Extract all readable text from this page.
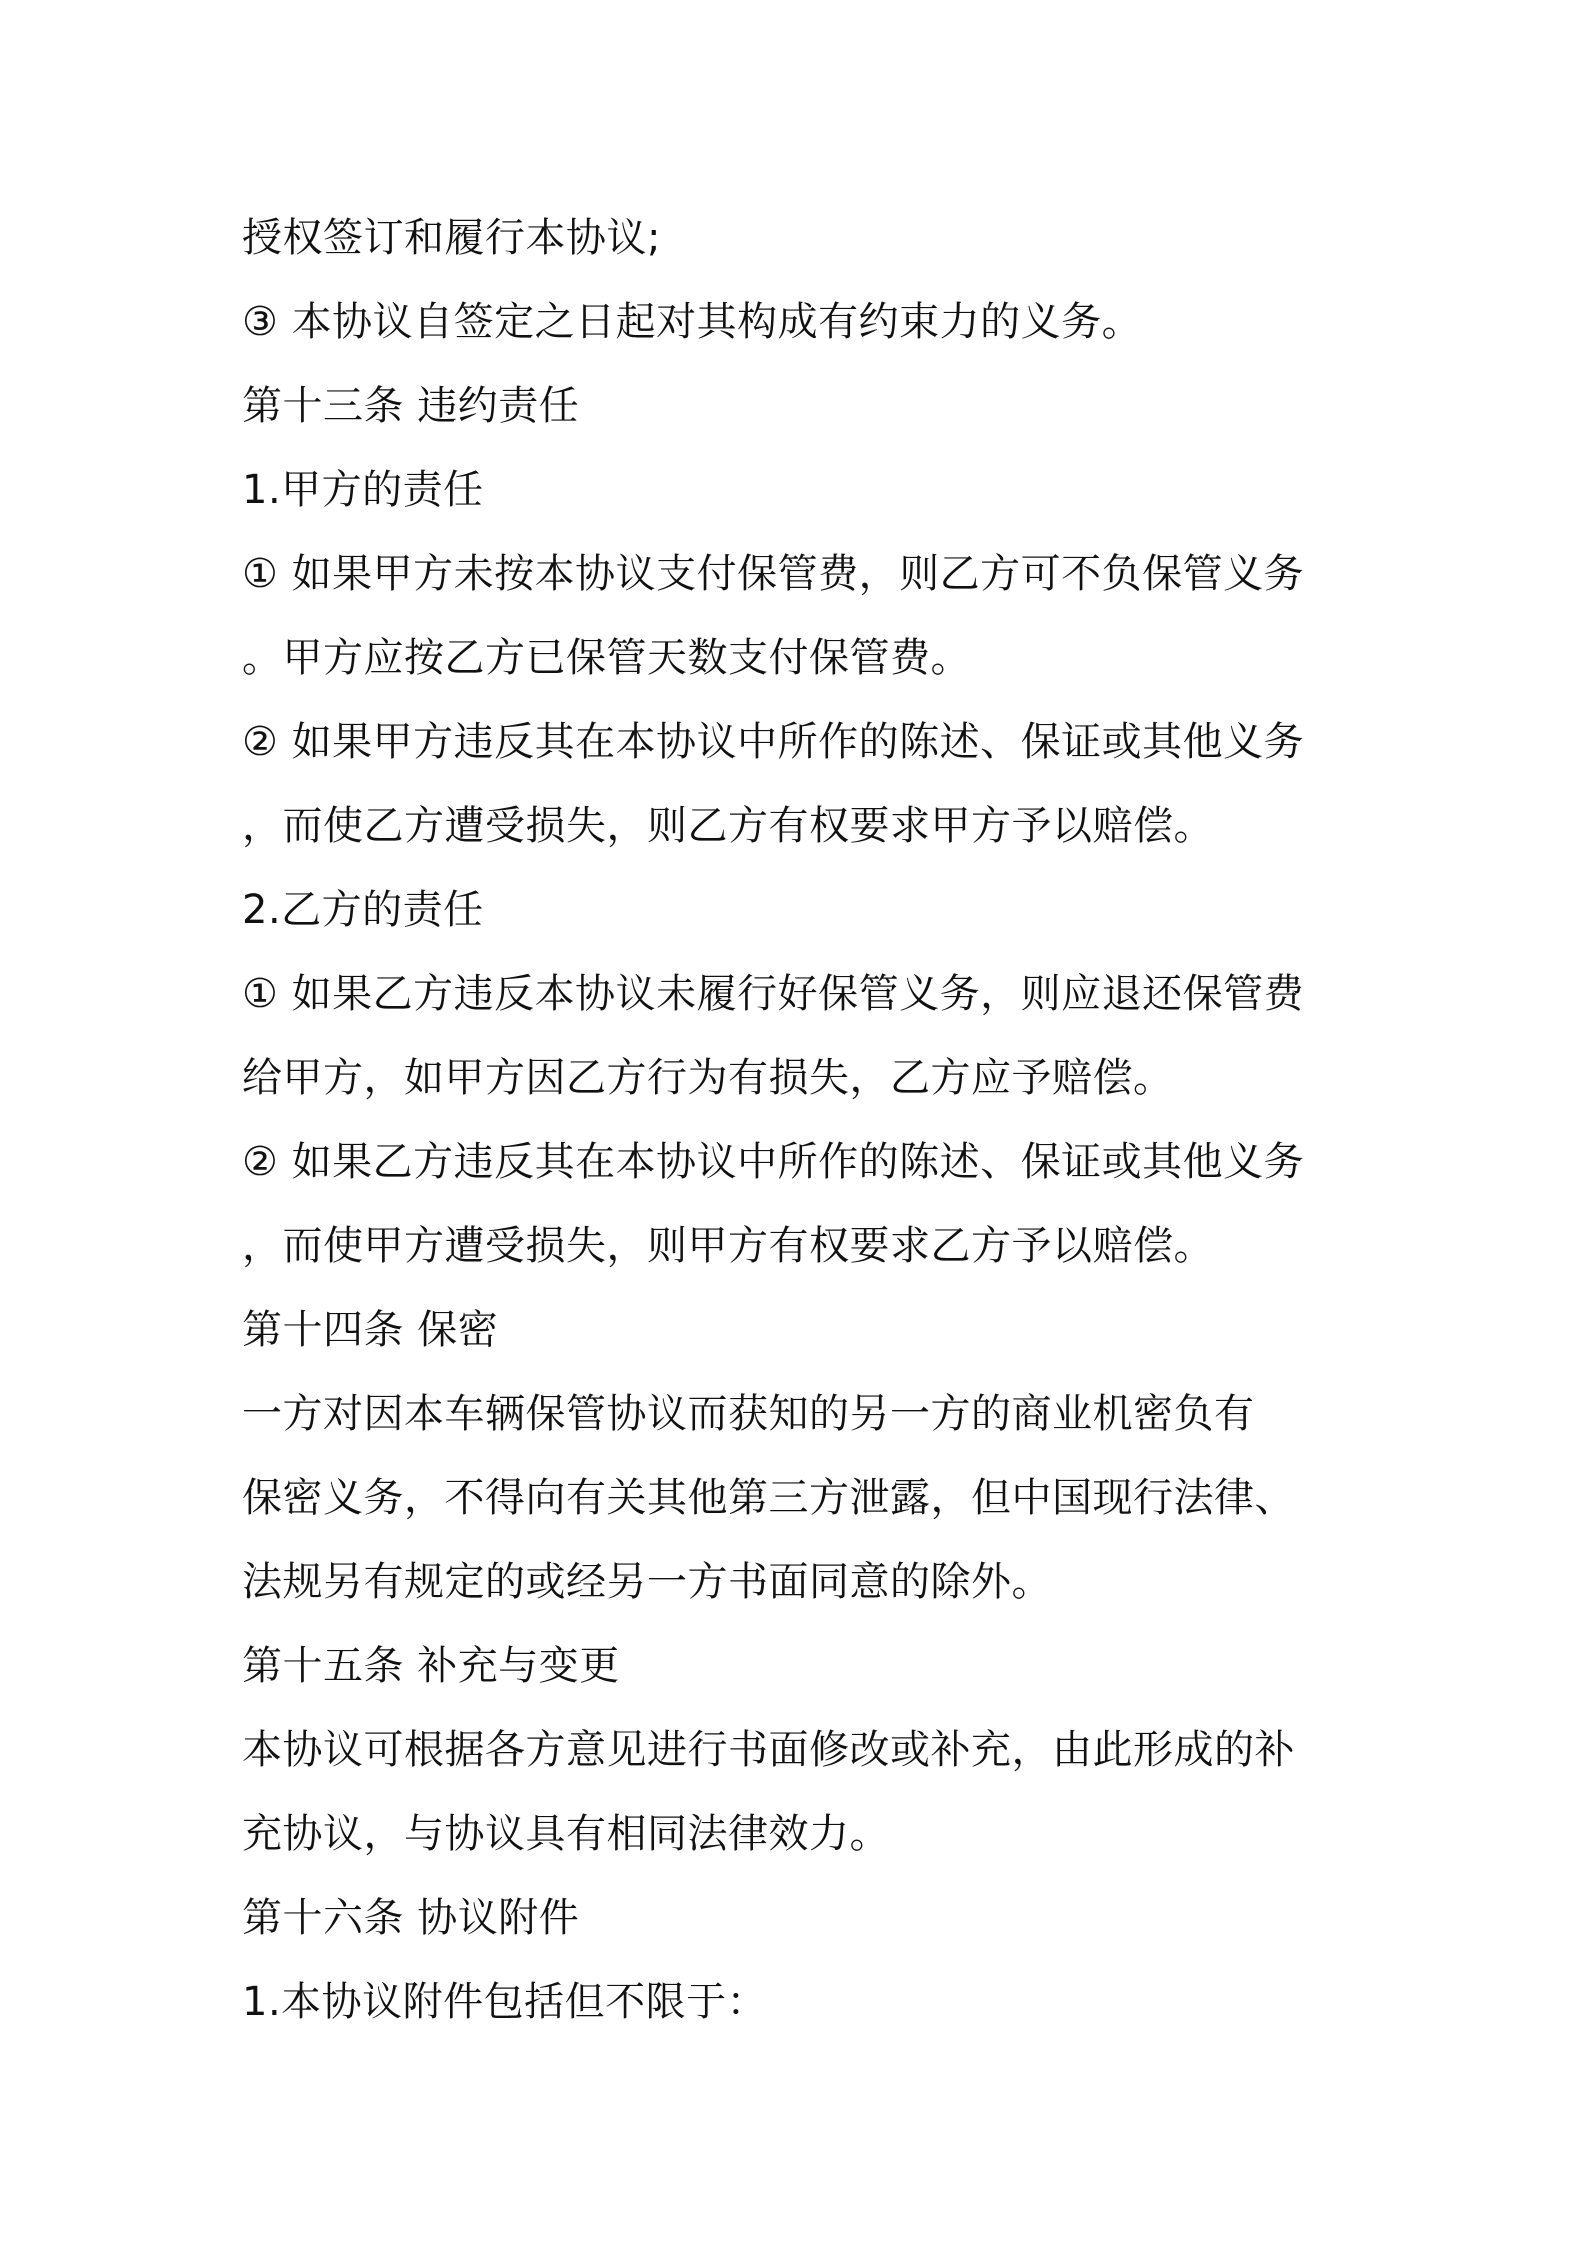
授权签订和履行本协议;
③ 本协议自签定之日起对其构成有约束力的义务。
第十三条 违约责任
1.甲方的责任
① 如果甲方未按本协议支付保管费，则乙方可不负保管义务
。甲方应按乙方已保管天数支付保管费。
② 如果甲方违反其在本协议中所作的陈述、保证或其他义务
，而使乙方遭受损失，则乙方有权要求甲方予以赔偿。
2.乙方的责任
① 如果乙方违反本协议未履行好保管义务，则应退还保管费
给甲方，如甲方因乙方行为有损失，乙方应予赔偿。
② 如果乙方违反其在本协议中所作的陈述、保证或其他义务
，而使甲方遭受损失，则甲方有权要求乙方予以赔偿。
第十四条 保密
一方对因本车辆保管协议而获知的另一方的商业机密负有
保密义务，不得向有关其他第三方泄露，但中国现行法律、
法规另有规定的或经另一方书面同意的除外。
第十五条 补充与变更
本协议可根据各方意见进行书面修改或补充，由此形成的补
充协议，与协议具有相同法律效力。
第十六条 协议附件
1.本协议附件包括但不限于：
